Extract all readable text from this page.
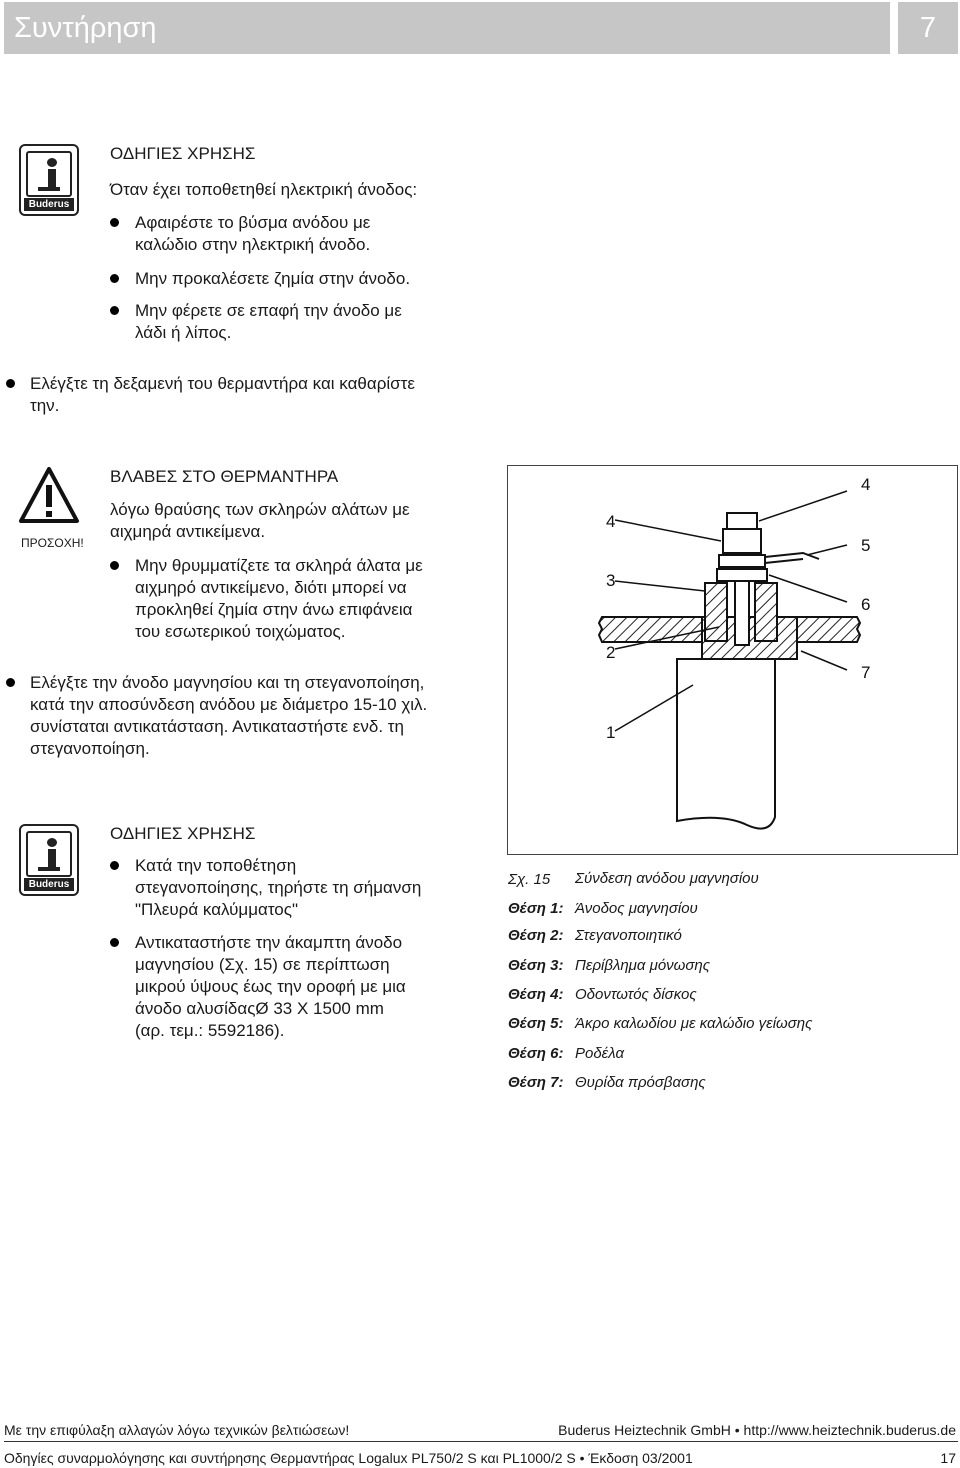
Συντήρηση	7
Buderus
ΟΔΗΓΙΕΣ ΧΡΗΣΗΣ
Όταν έχει τοποθετηθεί ηλεκτρική άνοδος:
Αφαιρέστε το βύσμα ανόδου με
καλώδιο στην ηλεκτρική άνοδο.
Μην προκαλέσετε ζημία στην άνοδο.
Μην φέρετε σε επαφή την άνοδο με
λάδι ή λίπος.
Ελέγξτε τη δεξαμενή του θερμαντήρα και καθαρίστε
την.
ΠΡΟΣΟΧΗ!
ΒΛΑΒΕΣ ΣΤΟ ΘΕΡΜΑΝΤΗΡΑ
λόγω θραύσης των σκληρών αλάτων με
αιχμηρά αντικείμενα.
Μην θρυμματίζετε τα σκληρά άλατα με
αιχμηρό αντικείμενο, διότι μπορεί να
προκληθεί ζημία στην άνω επιφάνεια
του εσωτερικού τοιχώματος.
Ελέγξτε την άνοδο μαγνησίου και τη στεγανοποίηση,
κατά την αποσύνδεση ανόδου με διάμετρο 15-10 χιλ.
συνίσταται αντικατάσταση. Αντικαταστήστε ενδ. τη
στεγανοποίηση.
4
3
2
1
4
5
6
7
Buderus
ΟΔΗΓΙΕΣ ΧΡΗΣΗΣ
Κατά την τοποθέτηση
στεγανοποίησης, τηρήστε τη σήμανση
"Πλευρά καλύμματος"
Αντικαταστήστε την άκαμπτη άνοδο
μαγνησίου (Σχ. 15) σε περίπτωση
μικρού ύψους έως την οροφή με μια
άνοδο αλυσίδαςØ 33 X 1500 mm
(αρ. τεμ.: 5592186).
Σχ. 15 Σύνδεση ανόδου μαγνησίου
Θέση 1: Άνοδος μαγνησίου
Θέση 2: Στεγανοποιητικό
Θέση 3: Περίβλημα μόνωσης
Θέση 4: Οδοντωτός δίσκος
Θέση 5: Άκρο καλωδίου με καλώδιο γείωσης
Θέση 6: Ροδέλα
Θέση 7: Θυρίδα πρόσβασης
Με την επιφύλαξη αλλαγών λόγω τεχνικών βελτιώσεων!	Buderus Heiztechnik GmbH • http://www.heiztechnik.buderus.de
Οδηγίες συναρμολόγησης και συντήρησης Θερμαντήρας Logalux PL750/2 S και PL1000/2 S • Έκδοση 03/2001	17
